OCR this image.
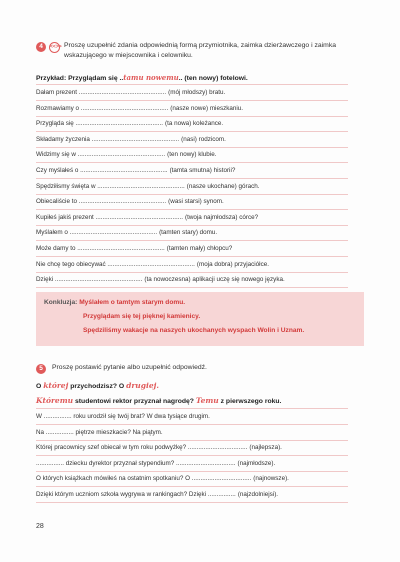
4	<<>> Proszę uzupełnić zdania odpowiednią formą przymiotnika, zaimka dzierżawczego i zaimka
wskazującego w miejscownika i celowniku.
Przykład: Przyglądam się ..tamu nowemu.. (ten nowy) fotelowi.
Dałam prezent .................................................. (mój młodszy) bratu.
Rozmawiamy o .................................................. (nasze nowe) mieszkaniu.
Przygląda się .................................................. (ta nowa) koleżance.
Składamy życzenia .................................................. (nasi) rodzicom.
Widzimy się w .................................................. (ten nowy) klubie.
Czy myślałeś o .................................................. (tamta smutna) historii?
Spędziłismy święta w .................................................. (nasze ukochane) górach.
Obiecaliście to .................................................. (wasi starsi) synom.
Kupiłeś jakiś prezent .................................................. (twoja najmłodsza) córce?
Myślałem o .................................................. (tamten stary) domu.
Może damy to .................................................. (tamten mały) chłopcu?
Nie chcę tego obiecywać .................................................. (moja dobra) przyjaciółce.
Dzięki .................................................. (ta nowoczesna) aplikacji uczę się nowego języka.
Konkluzja: Myślałem o tamtym starym domu.
Przyglądam się tej pięknej kamienicy.
Spędziliśmy wakacje na naszych ukochanych wyspach Wolin i Uznam.
5	Proszę postawić pytanie albo uzupełnić odpowiedź.
O której przychodzisz? O drugiej.
Któremu studentowi rektor przyznał nagrodę? Temu z pierwszego roku.
W ................ roku urodził się twój brat? W dwa tysiące drugim.
Na ................ piętrze mieszkacie? Na piątym.
Której pracownicy szef obiecał w tym roku podwyżkę? .................................. (najlepsza).
................ dziecku dyrektor przyznał stypendium? .................................. (najmłodsze).
O których książkach mówiłeś na ostatnim spotkaniu? O .................................. (najnowsze).
Dzięki którym uczniom szkoła wygrywa w rankingach? Dzięki ................ (najzdolniejsi).
28
